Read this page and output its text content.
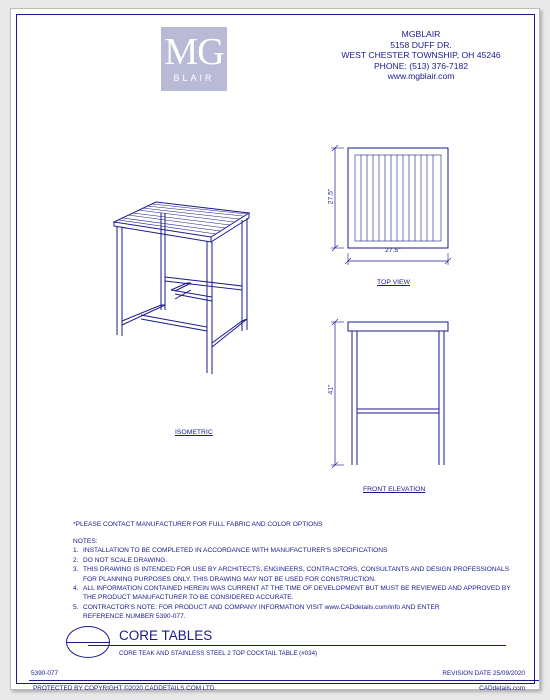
MG
BLAIR
MGBLAIR
5158 DUFF DR.
WEST CHESTER TOWNSHIP, OH 45246
PHONE: (513) 376-7182
www.mgblair.com
27.5"
27.5"
41"
ISOMETRIC
TOP VIEW
FRONT ELEVATION
*PLEASE CONTACT MANUFACTURER FOR FULL FABRIC AND COLOR OPTIONS
NOTES:
1. INSTALLATION TO BE COMPLETED IN ACCORDANCE WITH MANUFACTURER'S SPECIFICATIONS
2. DO NOT SCALE DRAWING.
3. THIS DRAWING IS INTENDED FOR USE BY ARCHITECTS, ENGINEERS, CONTRACTORS, CONSULTANTS AND DESIGN PROFESSIONALS
FOR PLANNING PURPOSES ONLY. THIS DRAWING MAY NOT BE USED FOR CONSTRUCTION.
4. ALL INFORMATION CONTAINED HEREIN WAS CURRENT AT THE TIME OF DEVELOPMENT BUT MUST BE REVIEWED AND APPROVED BY
THE PRODUCT MANUFACTURER TO BE CONSIDERED ACCURATE.
5. CONTRACTOR'S NOTE: FOR PRODUCT AND COMPANY INFORMATION VISIT www.CADdetails.com/info AND ENTER
REFERENCE NUMBER 5390-077.
CORE TABLES
CORE TEAK AND STAINLESS STEEL 2 TOP COCKTAIL TABLE (#034)
5390-077	REVISION DATE 25/09/2020
PROTECTED BY COPYRIGHT ©2020 CADDETAILS.COM LTD.	CADdetails.com
